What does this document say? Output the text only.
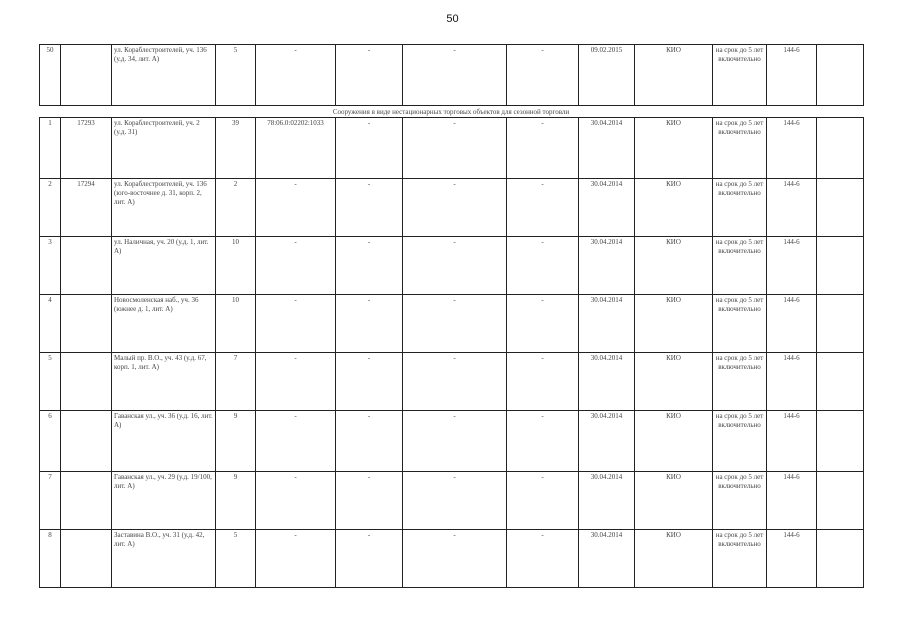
50
50		ул. Кораблестроителей, уч. 136 (у.д. 34, лит. А)	5	-	-	-	-	09.02.2015	КИО	на срок до 5 лет включительно	144-6	
Сооружения в виде нестационарных торговых объектов для сезонной торговли
1	17293	ул. Кораблестроителей, уч. 2 (у.д. 31)	39	78:06.0:02202:1033	-	-	-	30.04.2014	КИО	на срок до 5 лет включительно	144-6	
2	17294	ул. Кораблестроителей, уч. 136 (юго-восточнее д. 31, корп. 2, лит. А)	2	-	-	-	-	30.04.2014	КИО	на срок до 5 лет включительно	144-6	
3		ул. Наличная, уч. 20 (у.д. 1, лит. А)	10	-	-	-	-	30.04.2014	КИО	на срок до 5 лет включительно	144-6	
4		Новосмоленская наб., уч. 36 (южнее д. 1, лит. А)	10	-	-	-	-	30.04.2014	КИО	на срок до 5 лет включительно	144-6	
5		Малый пр. В.О., уч. 43 (у.д. 67, корп. 1, лит. А)	7	-	-	-	-	30.04.2014	КИО	на срок до 5 лет включительно	144-6	
6		Гаванская ул., уч. 36 (у.д. 16, лит. А)	9	-	-	-	-	30.04.2014	КИО	на срок до 5 лет включительно	144-6	
7		Гаванская ул., уч. 29 (у.д. 19/100, лит. А)	9	-	-	-	-	30.04.2014	КИО	на срок до 5 лет включительно	144-6	
8		Заставина В.О., уч. 31 (у.д. 42, лит. А)	5	-	-	-	-	30.04.2014	КИО	на срок до 5 лет включительно	144-6	
